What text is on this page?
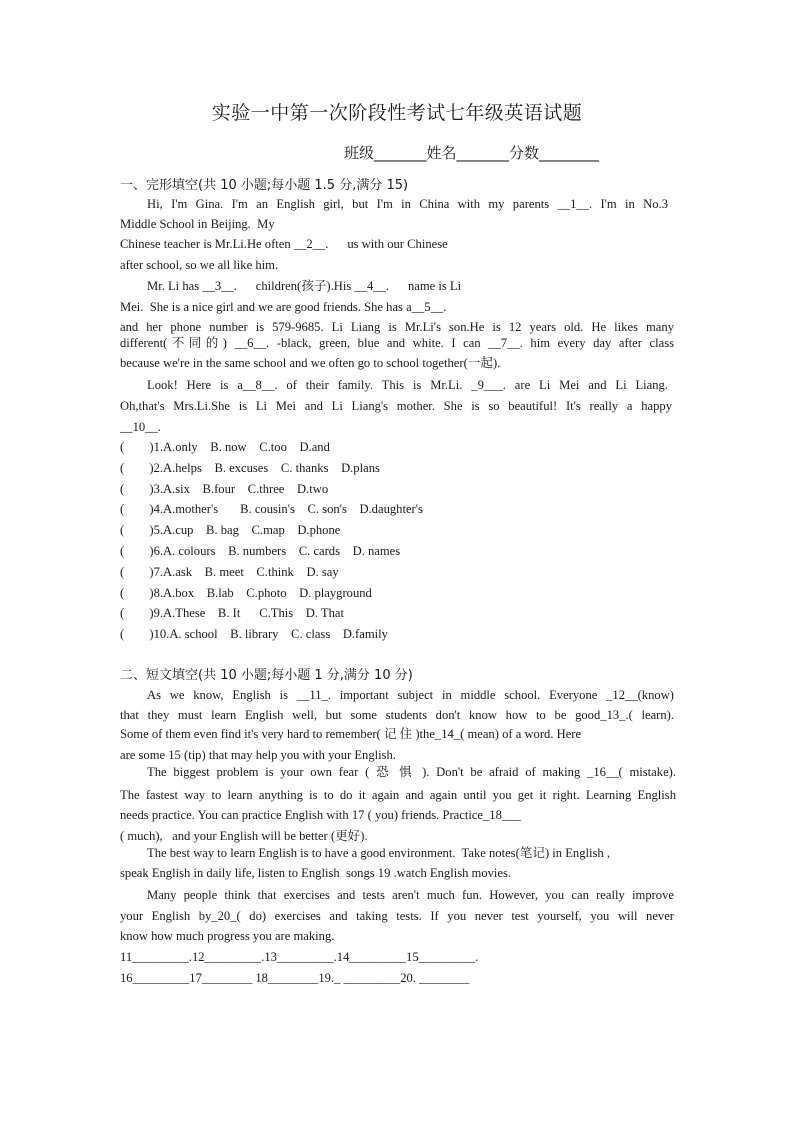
实验一中第一次阶段性考试七年级英语试题
班级_______姓名_______分数________
一、完形填空(共 10 小题;每小题 1.5 分,满分 15)
Hi, I'm Gina. I'm an English girl, but I'm in China with my parents __1__. I'm in No.3
Middle School in Beijing.  My
Chinese teacher is Mr.Li.He often __2__.      us with our Chinese
after school, so we all like him.
Mr. Li has __3__.      children(孩子).His __4__.      name is Li
Mei.  She is a nice girl and we are good friends. She has a__5__.
and her phone number is 579-9685. Li Liang is Mr.Li's son.He is 12 years old. He likes many
different(不同的) __6__. -black, green, blue and white. I can __7__. him every day after class
because we're in the same school and we often go to school together(一起).
Look! Here is a__8__. of their family. This is Mr.Li. _9___. are Li Mei and Li Liang.
Oh,that's Mrs.Li.She is Li Mei and Li Liang's mother. She is so beautiful! It's really a happy
__10__.
(        )1.A.only    B. now    C.too    D.and
(        )2.A.helps    B. excuses    C. thanks    D.plans
(        )3.A.six    B.four    C.three    D.two
(        )4.A.mother's       B. cousin's    C. son's    D.daughter's
(        )5.A.cup    B. bag    C.map    D.phone
(        )6.A. colours    B. numbers    C. cards    D. names
(        )7.A.ask    B. meet    C.think    D. say
(        )8.A.box    B.lab    C.photo    D. playground
(        )9.A.These    B. It      C.This    D. That
(        )10.A. school    B. library    C. class    D.family
二、短文填空(共 10 小题;每小题 1 分,满分 10 分)
As we know, English is __11_. important subject in middle school. Everyone _12__(know)
that they must learn English well, but some students don't know how to be good_13_.( learn).
Some of them even find it's very hard to remember( 记 住 )the_14_( mean) of a word. Here
are some 15 (tip) that may help you with your English.
The biggest problem is your own fear ( 恐 惧 ). Don't be afraid of making _16__( mistake).
The fastest way to learn anything is to do it again and again until you get it right. Learning English
needs practice. You can practice English with 17 ( you) friends. Practice_18___
( much),   and your English will be better (更好).
The best way to learn English is to have a good environment.  Take notes(笔记) in English ,
speak English in daily life, listen to English  songs 19 .watch English movies.
Many people think that exercises and tests aren't much fun. However, you can really improve
your English by_20_( do) exercises and taking tests. If you never test yourself, you will never
know how much progress you are making.
11_________.12_________.13_________.14_________15_________.
16_________17________ 18________19._ _________20. ________
